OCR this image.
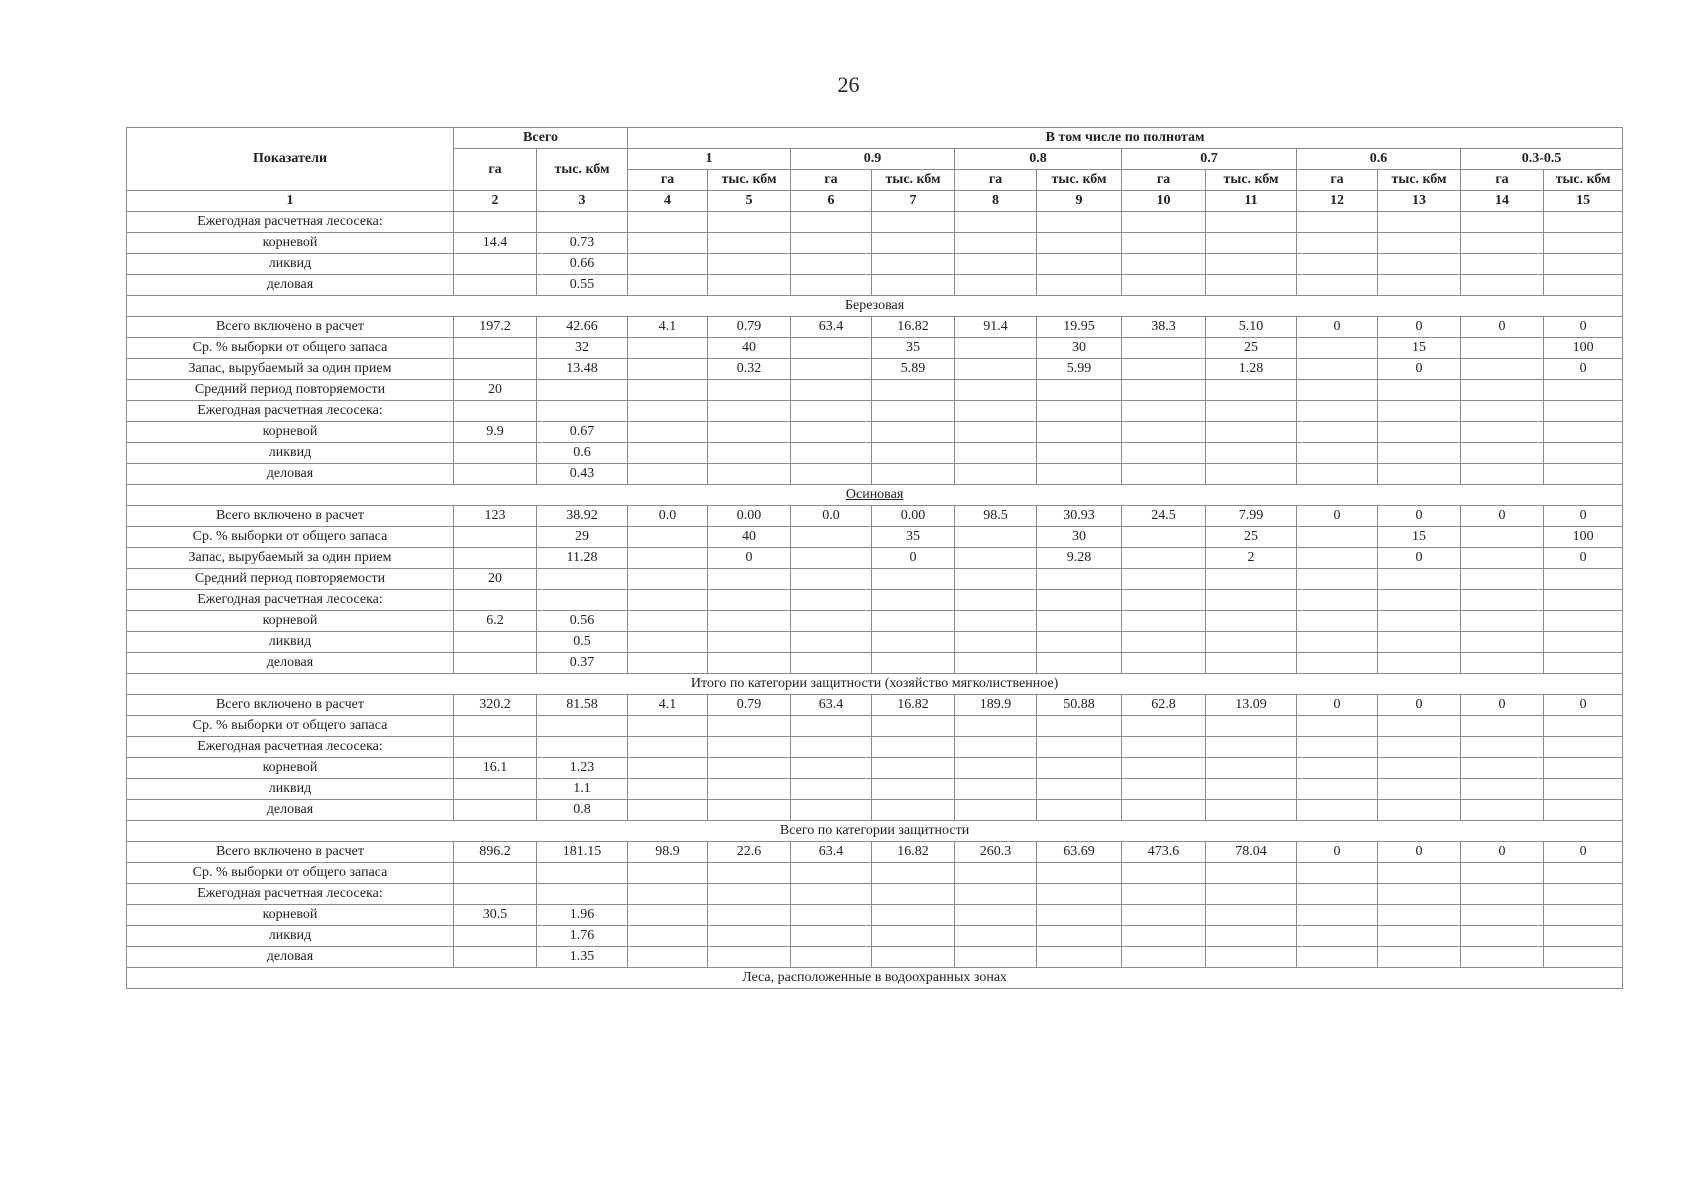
26
Показатели	Всего		В том числе по полнотам											
	га	тыс. кбм	1		0.9		0.8		0.7		0.6		0.3-0.5	
			га	тыс. кбм	га	тыс. кбм	га	тыс. кбм	га	тыс. кбм	га	тыс. кбм	га	тыс. кбм
1	2	3	4	5	6	7	8	9	10	11	12	13	14	15
Ежегодная расчетная лесосека:														
корневой	14.4	0.73												
ликвид		0.66												
деловая		0.55												
Березовая														
Всего включено в расчет	197.2	42.66	4.1	0.79	63.4	16.82	91.4	19.95	38.3	5.10	0	0	0	0
Ср. % выборки от общего запаса		32		40		35		30		25		15		100
Запас, вырубаемый за один прием		13.48		0.32		5.89		5.99		1.28		0		0
Средний период повторяемости	20													
Ежегодная расчетная лесосека:														
корневой	9.9	0.67												
ликвид		0.6												
деловая		0.43												
Осиновая														
Всего включено в расчет	123	38.92	0.0	0.00	0.0	0.00	98.5	30.93	24.5	7.99	0	0	0	0
Ср. % выборки от общего запаса		29		40		35		30		25		15		100
Запас, вырубаемый за один прием		11.28		0		0		9.28		2		0		0
Средний период повторяемости	20													
Ежегодная расчетная лесосека:														
корневой	6.2	0.56												
ликвид		0.5												
деловая		0.37												
Итого по категории защитности (хозяйство мягколиственное)														
Всего включено в расчет	320.2	81.58	4.1	0.79	63.4	16.82	189.9	50.88	62.8	13.09	0	0	0	0
Ср. % выборки от общего запаса														
Ежегодная расчетная лесосека:														
корневой	16.1	1.23												
ликвид		1.1												
деловая		0.8												
Всего по категории защитности														
Всего включено в расчет	896.2	181.15	98.9	22.6	63.4	16.82	260.3	63.69	473.6	78.04	0	0	0	0
Ср. % выборки от общего запаса														
Ежегодная расчетная лесосека:														
корневой	30.5	1.96												
ликвид		1.76												
деловая		1.35												
Леса, расположенные в водоохранных зонах														
